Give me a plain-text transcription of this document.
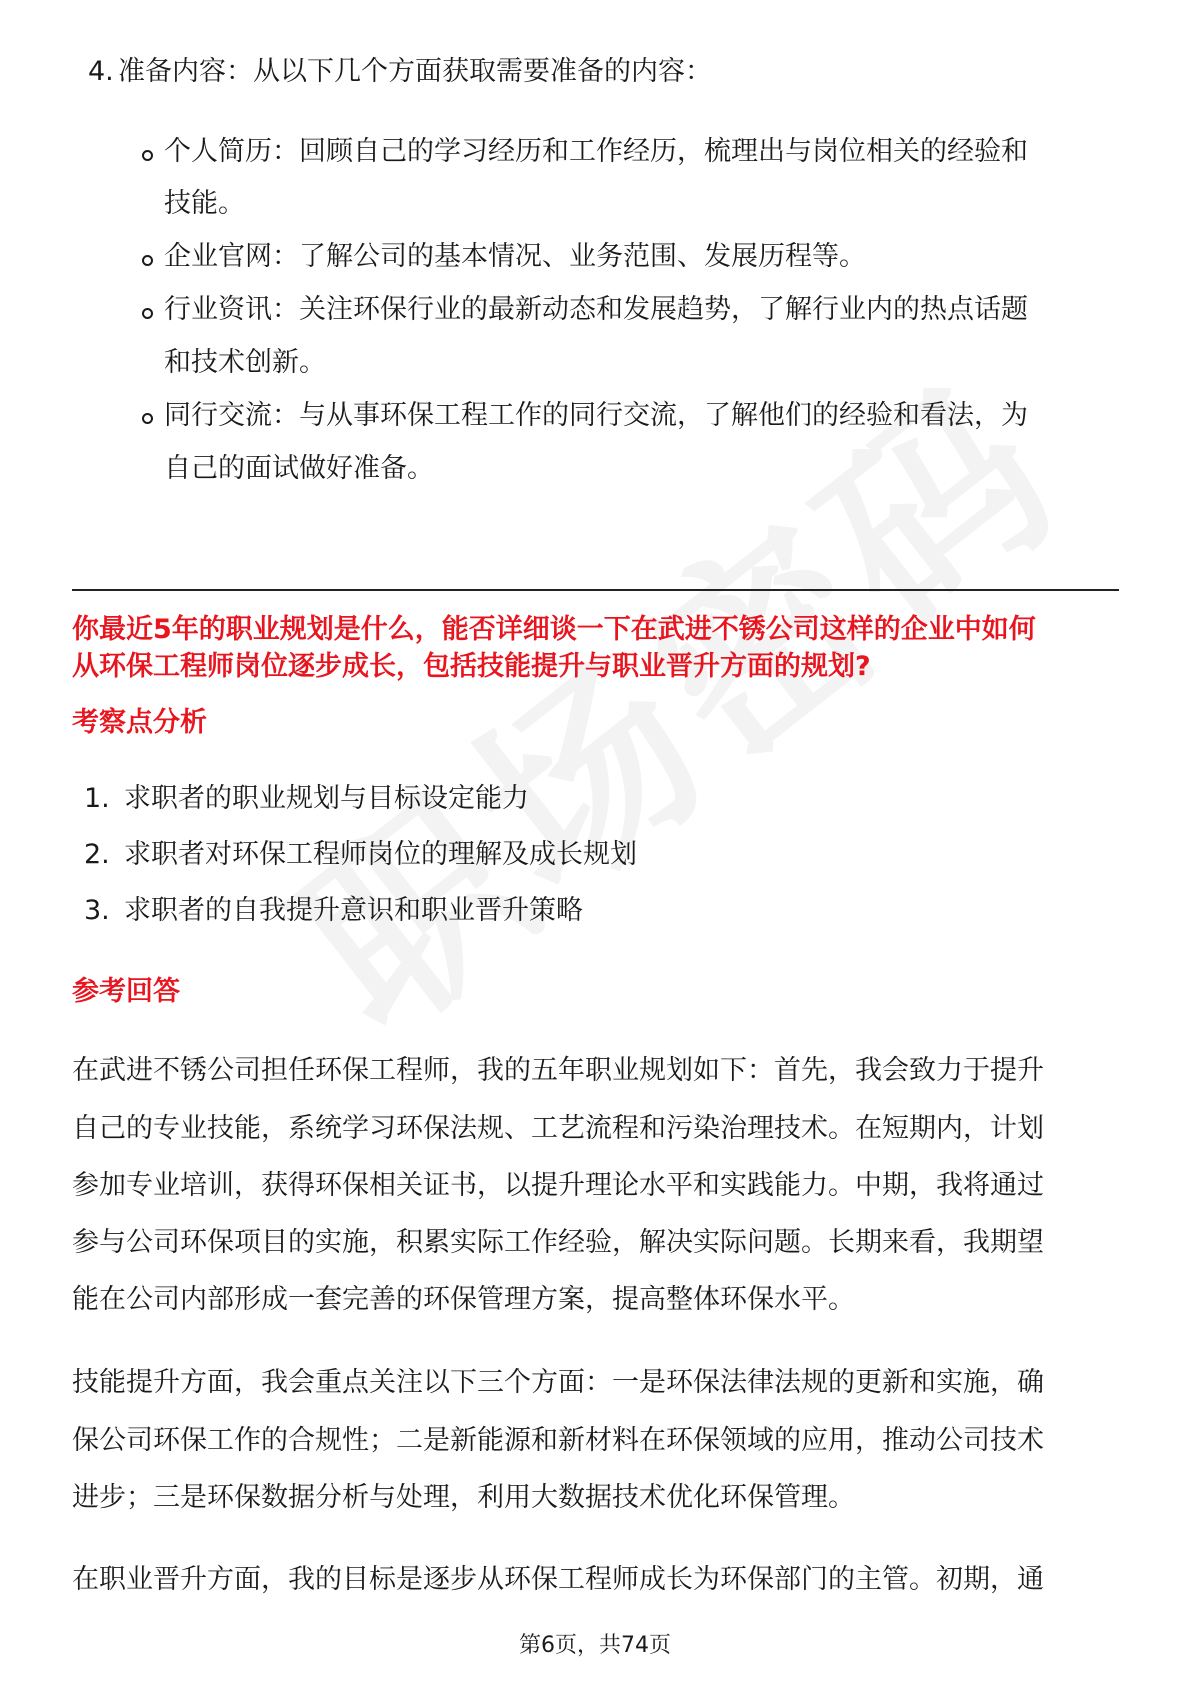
4. 准备内容：从以下几个方面获取需要准备的内容：
个人简历：回顾自己的学习经历和工作经历，梳理出与岗位相关的经验和
技能。
企业官网：了解公司的基本情况、业务范围、发展历程等。
行业资讯：关注环保行业的最新动态和发展趋势，了解行业内的热点话题
和技术创新。
同行交流：与从事环保工程工作的同行交流，了解他们的经验和看法，为
自己的面试做好准备。
你最近5年的职业规划是什么，能否详细谈一下在武进不锈公司这样的企业中如何
从环保工程师岗位逐步成长，包括技能提升与职业晋升方面的规划?
考察点分析
1. 求职者的职业规划与目标设定能力
2. 求职者对环保工程师岗位的理解及成长规划
3. 求职者的自我提升意识和职业晋升策略
参考回答
在武进不锈公司担任环保工程师，我的五年职业规划如下：首先，我会致力于提升
自己的专业技能，系统学习环保法规、工艺流程和污染治理技术。在短期内，计划
参加专业培训，获得环保相关证书，以提升理论水平和实践能力。中期，我将通过
参与公司环保项目的实施，积累实际工作经验，解决实际问题。长期来看，我期望
能在公司内部形成一套完善的环保管理方案，提高整体环保水平。
技能提升方面，我会重点关注以下三个方面：一是环保法律法规的更新和实施，确
保公司环保工作的合规性；二是新能源和新材料在环保领域的应用，推动公司技术
进步；三是环保数据分析与处理，利用大数据技术优化环保管理。
在职业晋升方面，我的目标是逐步从环保工程师成长为环保部门的主管。初期，通
第6页，共74页
